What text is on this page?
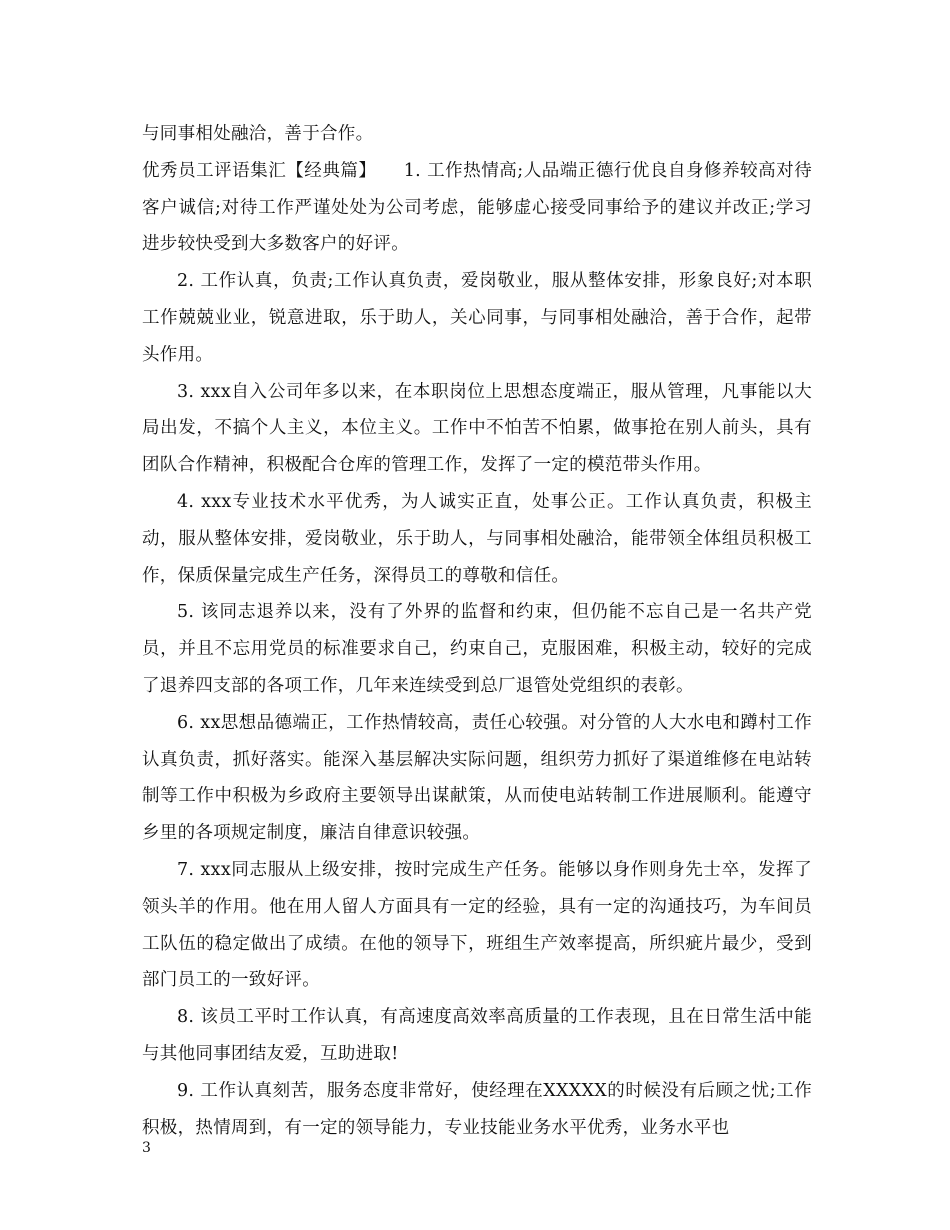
与同事相处融洽，善于合作。

优秀员工评语集汇【经典篇】　　1. 工作热情高;人品端正德行优良自身修养较高对待客户诚信;对待工作严谨处处为公司考虑，能够虚心接受同事给予的建议并改正;学习进步较快受到大多数客户的好评。

2. 工作认真，负责;工作认真负责，爱岗敬业，服从整体安排，形象良好;对本职工作兢兢业业，锐意进取，乐于助人，关心同事，与同事相处融洽，善于合作，起带头作用。

3. xxx自入公司年多以来，在本职岗位上思想态度端正，服从管理，凡事能以大局出发，不搞个人主义，本位主义。工作中不怕苦不怕累，做事抢在别人前头，具有团队合作精神，积极配合仓库的管理工作，发挥了一定的模范带头作用。

4. xxx专业技术水平优秀，为人诚实正直，处事公正。工作认真负责，积极主动，服从整体安排，爱岗敬业，乐于助人，与同事相处融洽，能带领全体组员积极工作，保质保量完成生产任务，深得员工的尊敬和信任。

5. 该同志退养以来，没有了外界的监督和约束，但仍能不忘自己是一名共产党员，并且不忘用党员的标准要求自己，约束自己，克服困难，积极主动，较好的完成了退养四支部的各项工作，几年来连续受到总厂退管处党组织的表彰。

6. xx思想品德端正，工作热情较高，责任心较强。对分管的人大水电和蹲村工作认真负责，抓好落实。能深入基层解决实际问题，组织劳力抓好了渠道维修在电站转制等工作中积极为乡政府主要领导出谋献策，从而使电站转制工作进展顺利。能遵守乡里的各项规定制度，廉洁自律意识较强。

7. xxx同志服从上级安排，按时完成生产任务。能够以身作则身先士卒，发挥了领头羊的作用。他在用人留人方面具有一定的经验，具有一定的沟通技巧，为车间员工队伍的稳定做出了成绩。在他的领导下，班组生产效率提高，所织疵片最少，受到部门员工的一致好评。

8. 该员工平时工作认真，有高速度高效率高质量的工作表现，且在日常生活中能与其他同事团结友爱，互助进取!

9. 工作认真刻苦，服务态度非常好，使经理在XXXXX的时候没有后顾之忧;工作积极，热情周到，有一定的领导能力，专业技能业务水平优秀，业务水平也

3
